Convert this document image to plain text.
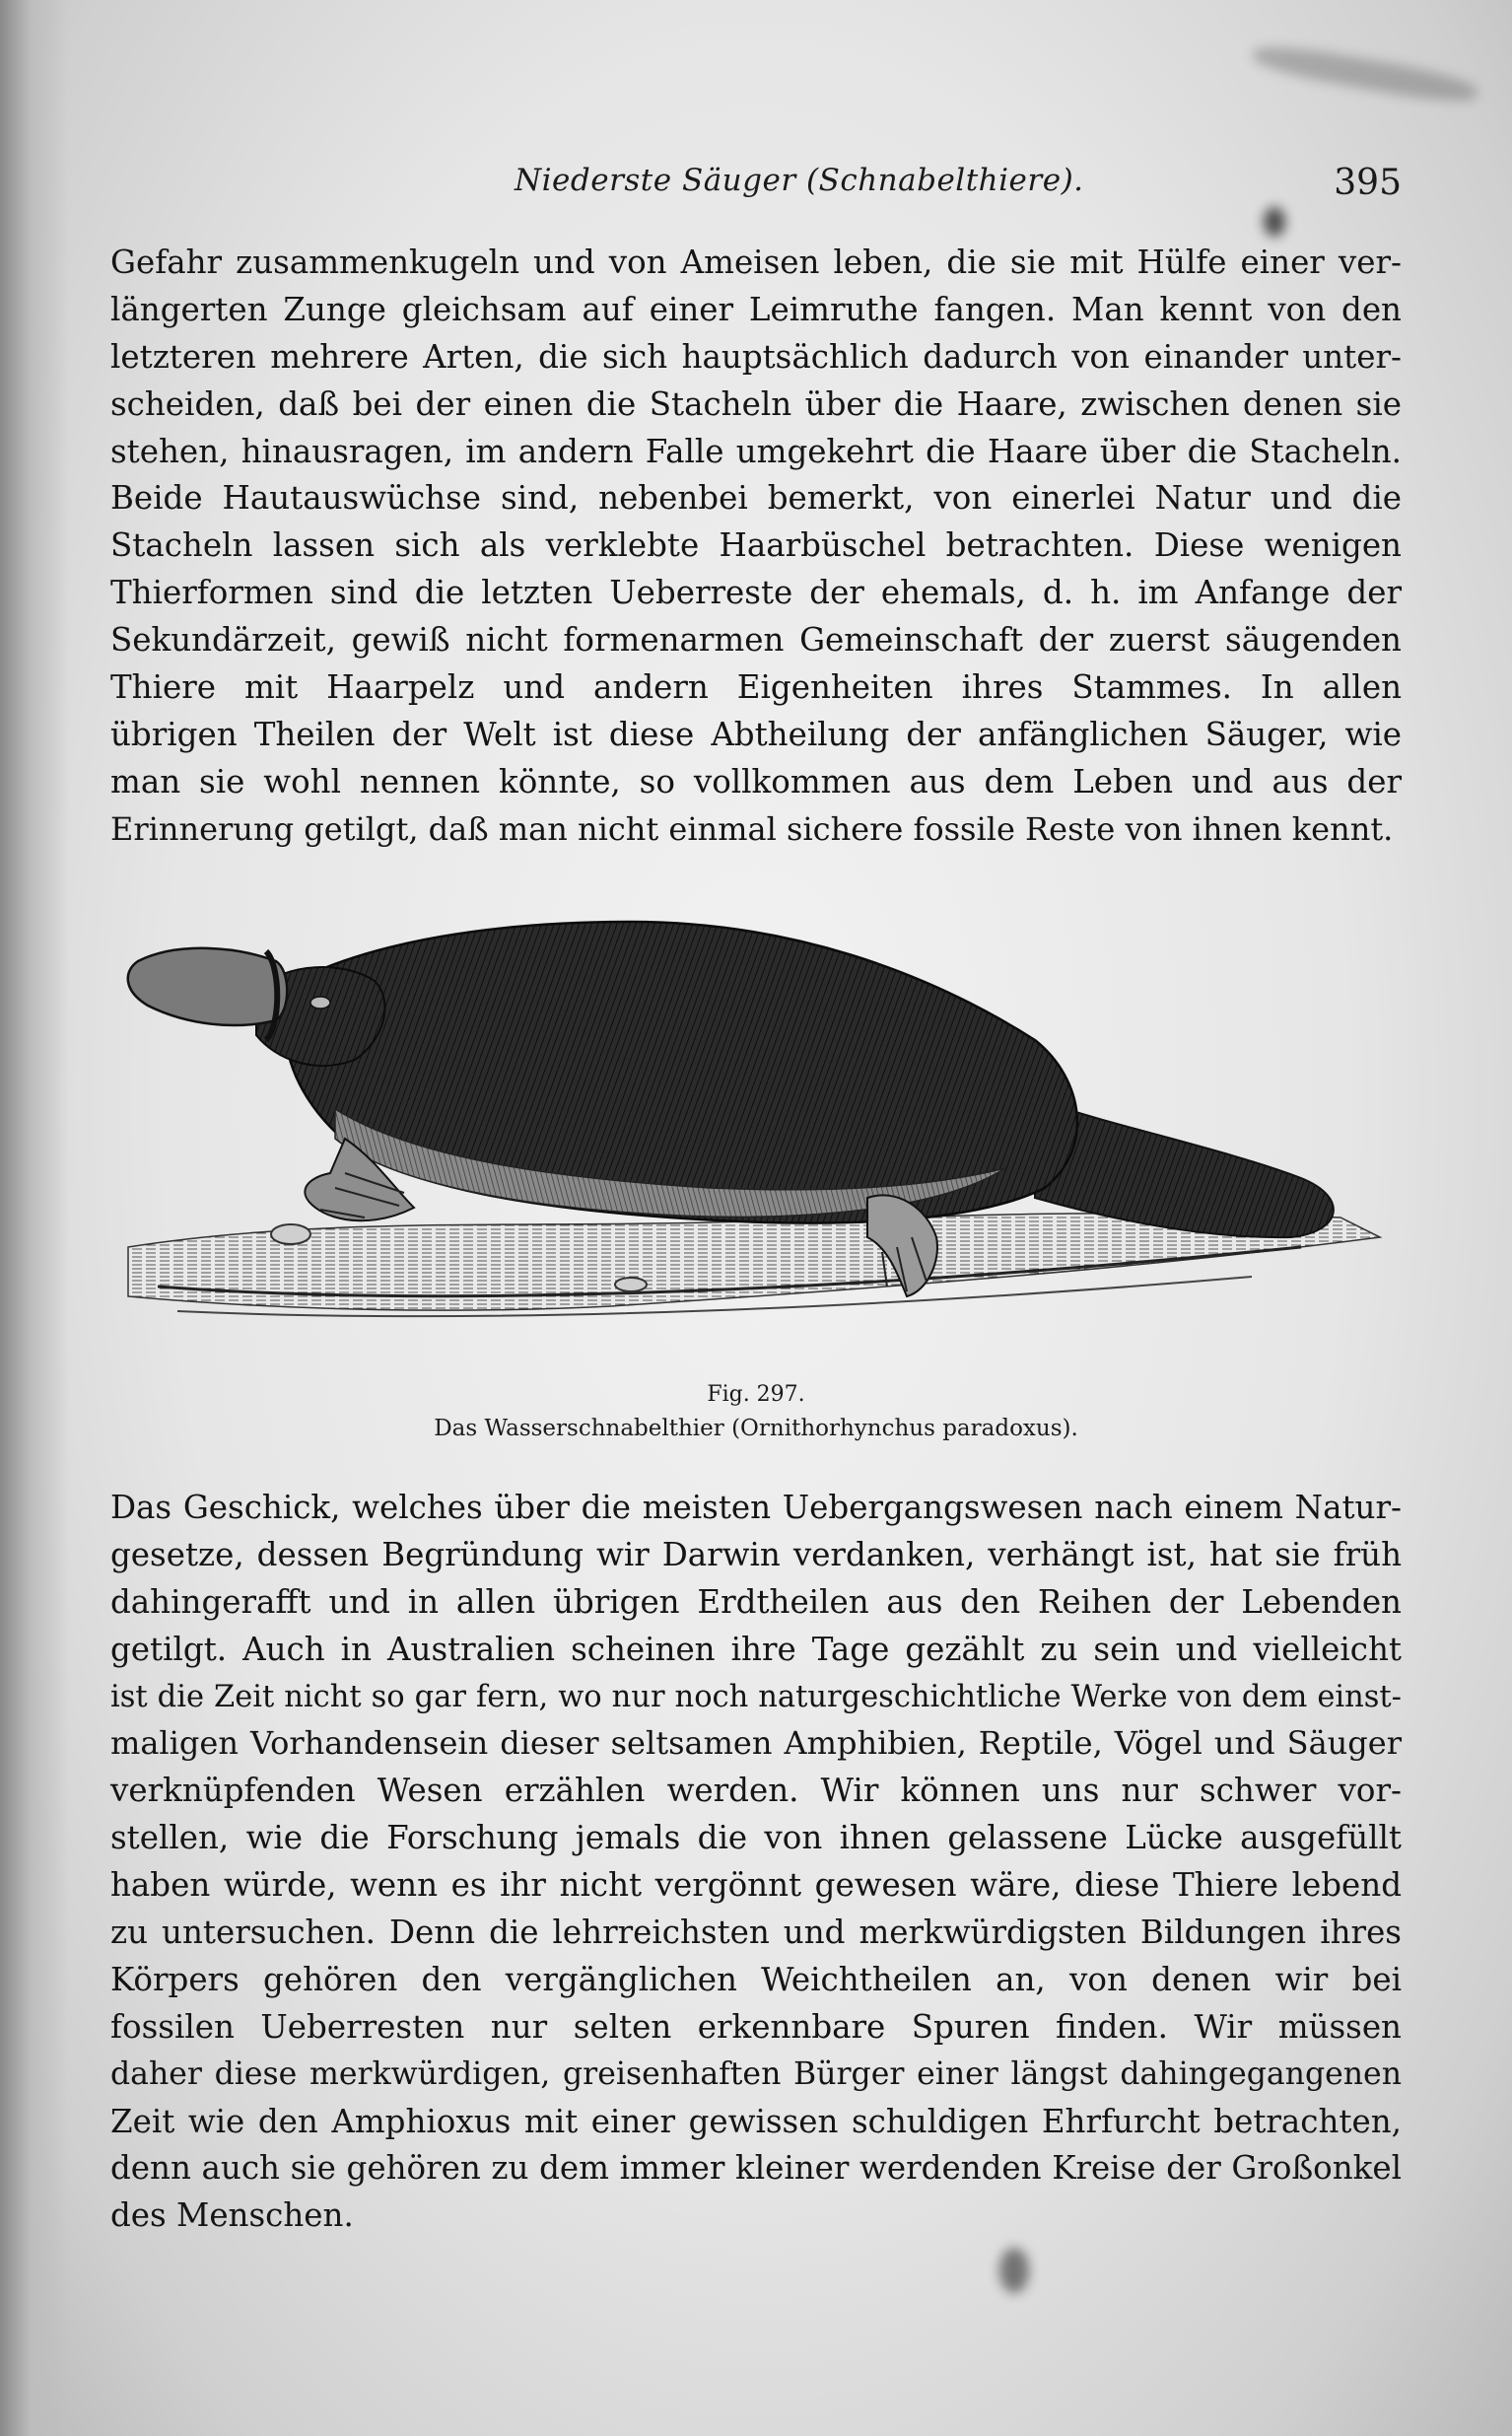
Niederste Säuger (Schnabelthiere).	395
Gefahr zusammenkugeln und von Ameisen leben, die sie mit Hülfe einer ver-
längerten Zunge gleichsam auf einer Leimruthe fangen. Man kennt von den
letzteren mehrere Arten, die sich hauptsächlich dadurch von einander unter-
scheiden, daß bei der einen die Stacheln über die Haare, zwischen denen sie
stehen, hinausragen, im andern Falle umgekehrt die Haare über die Stacheln.
Beide Hautauswüchse sind, nebenbei bemerkt, von einerlei Natur und die
Stacheln lassen sich als verklebte Haarbüschel betrachten. Diese wenigen
Thierformen sind die letzten Ueberreste der ehemals, d. h. im Anfange der
Sekundärzeit, gewiß nicht formenarmen Gemeinschaft der zuerst säugenden
Thiere mit Haarpelz und andern Eigenheiten ihres Stammes. In allen
übrigen Theilen der Welt ist diese Abtheilung der anfänglichen Säuger, wie
man sie wohl nennen könnte, so vollkommen aus dem Leben und aus der
Erinnerung getilgt, daß man nicht einmal sichere fossile Reste von ihnen kennt.
Fig. 297.
Das Wasserschnabelthier (Ornithorhynchus paradoxus).
Das Geschick, welches über die meisten Uebergangswesen nach einem Natur-
gesetze, dessen Begründung wir Darwin verdanken, verhängt ist, hat sie früh
dahingerafft und in allen übrigen Erdtheilen aus den Reihen der Lebenden
getilgt. Auch in Australien scheinen ihre Tage gezählt zu sein und vielleicht
ist die Zeit nicht so gar fern, wo nur noch naturgeschichtliche Werke von dem einst-
maligen Vorhandensein dieser seltsamen Amphibien, Reptile, Vögel und Säuger
verknüpfenden Wesen erzählen werden. Wir können uns nur schwer vor-
stellen, wie die Forschung jemals die von ihnen gelassene Lücke ausgefüllt
haben würde, wenn es ihr nicht vergönnt gewesen wäre, diese Thiere lebend
zu untersuchen. Denn die lehrreichsten und merkwürdigsten Bildungen ihres
Körpers gehören den vergänglichen Weichtheilen an, von denen wir bei
fossilen Ueberresten nur selten erkennbare Spuren finden. Wir müssen
daher diese merkwürdigen, greisenhaften Bürger einer längst dahingegangenen
Zeit wie den Amphioxus mit einer gewissen schuldigen Ehrfurcht betrachten,
denn auch sie gehören zu dem immer kleiner werdenden Kreise der Großonkel
des Menschen.
